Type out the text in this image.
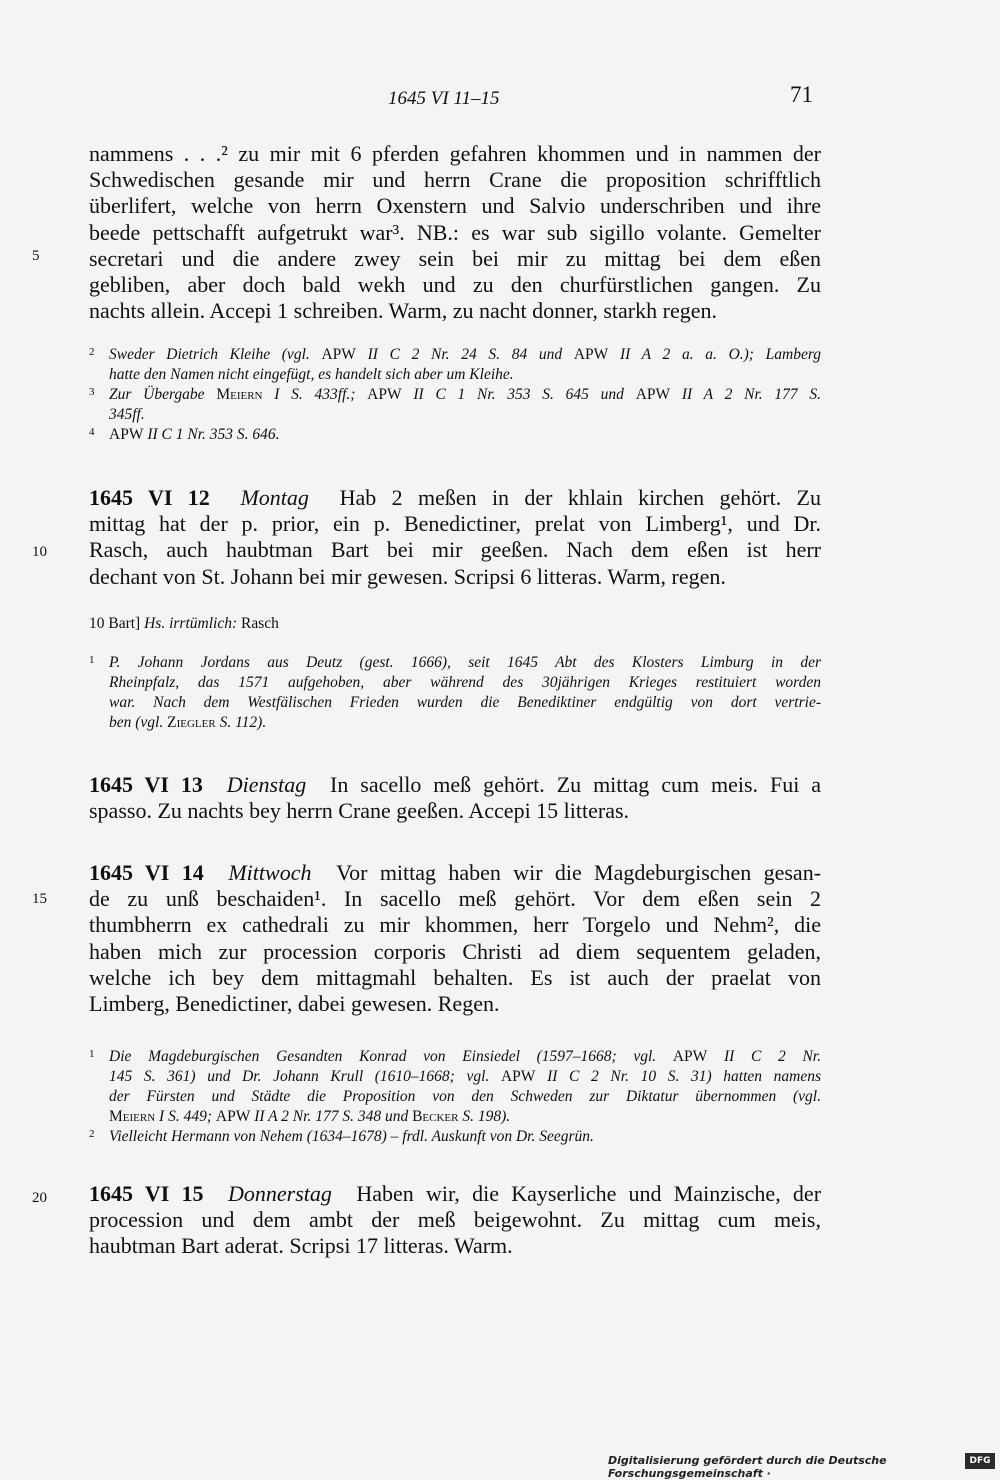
1645 VI 11–15	71
5
10
15
20
nammens . . .² zu mir mit 6 pferden gefahren khommen und in nammen der
Schwedischen gesande mir und herrn Crane die proposition schrifftlich
überlifert, welche von herrn Oxenstern und Salvio underschriben und ihre
beede pettschafft aufgetrukt war³. NB.: es war sub sigillo volante. Gemelter
secretari und die andere zwey sein bei mir zu mittag bei dem eßen
gebliben, aber doch bald wekh und zu den churfürstlichen gangen. Zu
nachts allein. Accepi 1 schreiben. Warm, zu nacht donner, starkh regen.
2 Sweder Dietrich Kleihe (vgl. APW II C 2 Nr. 24 S. 84 und APW II A 2 a. a. O.); Lamberg
hatte den Namen nicht eingefügt, es handelt sich aber um Kleihe.
3 Zur Übergabe Meiern I S. 433ff.; APW II C 1 Nr. 353 S. 645 und APW II A 2 Nr. 177 S.
345ff.
4 APW II C 1 Nr. 353 S. 646.
1645 VI 12 Montag Hab 2 meßen in der khlain kirchen gehört. Zu
mittag hat der p. prior, ein p. Benedictiner, prelat von Limberg¹, und Dr.
Rasch, auch haubtman Bart bei mir geeßen. Nach dem eßen ist herr
dechant von St. Johann bei mir gewesen. Scripsi 6 litteras. Warm, regen.
10 Bart] Hs. irrtümlich: Rasch
1 P. Johann Jordans aus Deutz (gest. 1666), seit 1645 Abt des Klosters Limburg in der
Rheinpfalz, das 1571 aufgehoben, aber während des 30jährigen Krieges restituiert worden
war. Nach dem Westfälischen Frieden wurden die Benediktiner endgültig von dort vertrie-
ben (vgl. Ziegler S. 112).
1645 VI 13 Dienstag In sacello meß gehört. Zu mittag cum meis. Fui a
spasso. Zu nachts bey herrn Crane geeßen. Accepi 15 litteras.
1645 VI 14 Mittwoch Vor mittag haben wir die Magdeburgischen gesan-
de zu unß beschaiden¹. In sacello meß gehört. Vor dem eßen sein 2
thumbherrn ex cathedrali zu mir khommen, herr Torgelo und Nehm², die
haben mich zur procession corporis Christi ad diem sequentem geladen,
welche ich bey dem mittagmahl behalten. Es ist auch der praelat von
Limberg, Benedictiner, dabei gewesen. Regen.
1 Die Magdeburgischen Gesandten Konrad von Einsiedel (1597–1668; vgl. APW II C 2 Nr.
145 S. 361) und Dr. Johann Krull (1610–1668; vgl. APW II C 2 Nr. 10 S. 31) hatten namens
der Fürsten und Städte die Proposition von den Schweden zur Diktatur übernommen (vgl.
Meiern I S. 449; APW II A 2 Nr. 177 S. 348 und Becker S. 198).
2 Vielleicht Hermann von Nehem (1634–1678) – frdl. Auskunft von Dr. Seegrün.
1645 VI 15 Donnerstag Haben wir, die Kayserliche und Mainzische, der
procession und dem ambt der meß beigewohnt. Zu mittag cum meis,
haubtman Bart aderat. Scripsi 17 litteras. Warm.
Digitalisierung gefördert durch die Deutsche Forschungsgemeinschaft ·
DFG
